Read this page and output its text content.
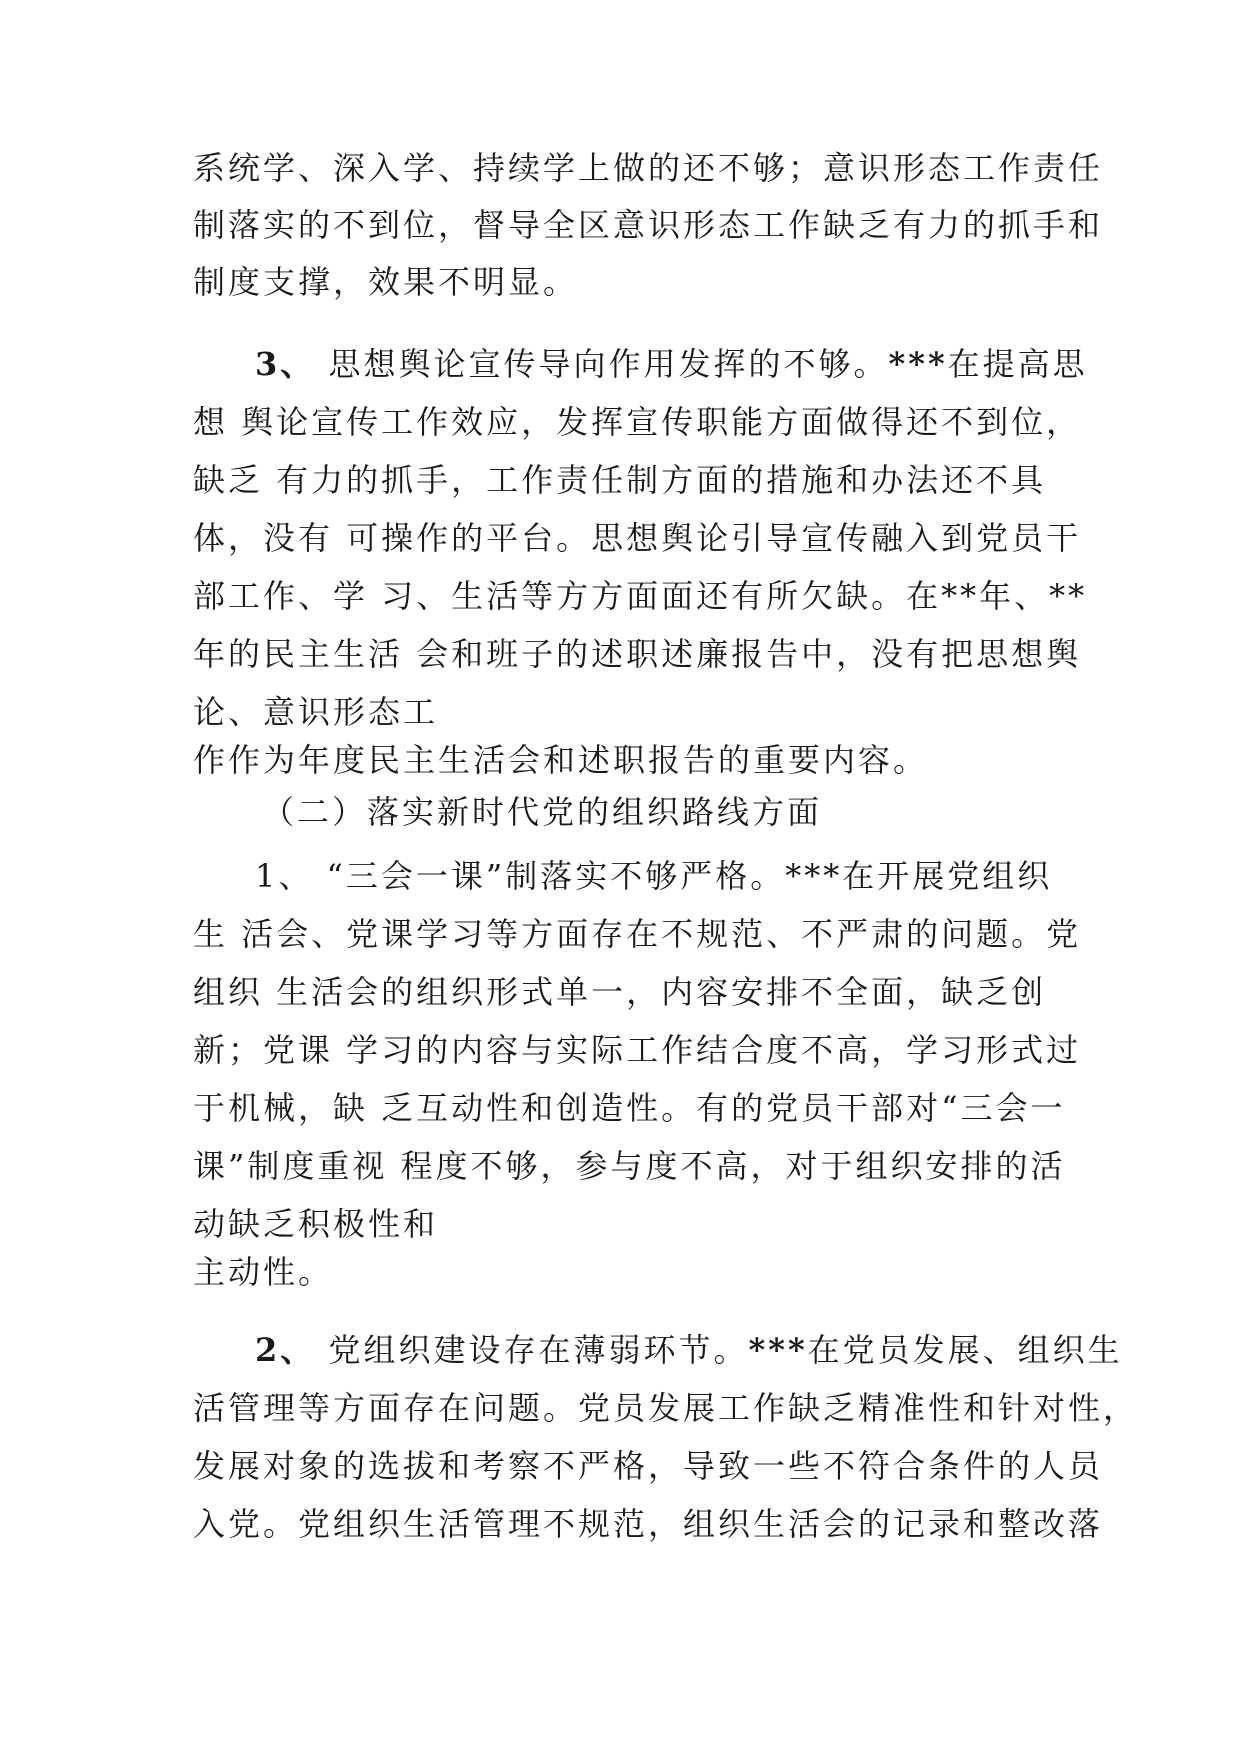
系统学、深入学、持续学上做的还不够；意识形态工作责任
制落实的不到位，督导全区意识形态工作缺乏有力的抓手和
制度支撑，效果不明显。
3、 思想舆论宣传导向作用发挥的不够。***在提高思
想 舆论宣传工作效应，发挥宣传职能方面做得还不到位，
缺乏 有力的抓手，工作责任制方面的措施和办法还不具
体，没有 可操作的平台。思想舆论引导宣传融入到党员干
部工作、学 习、生活等方方面面还有所欠缺。在**年、**
年的民主生活 会和班子的述职述廉报告中，没有把思想舆
论、意识形态工
作作为年度民主生活会和述职报告的重要内容。
（二）落实新时代党的组织路线方面
1、 “三会一课”制落实不够严格。***在开展党组织
生 活会、党课学习等方面存在不规范、不严肃的问题。党
组织 生活会的组织形式单一，内容安排不全面，缺乏创
新；党课 学习的内容与实际工作结合度不高，学习形式过
于机械，缺 乏互动性和创造性。有的党员干部对“三会一
课”制度重视 程度不够，参与度不高，对于组织安排的活
动缺乏积极性和
主动性。
2、 党组织建设存在薄弱环节。***在党员发展、组织生
活管理等方面存在问题。党员发展工作缺乏精准性和针对性，
发展对象的选拔和考察不严格，导致一些不符合条件的人员
入党。党组织生活管理不规范，组织生活会的记录和整改落
